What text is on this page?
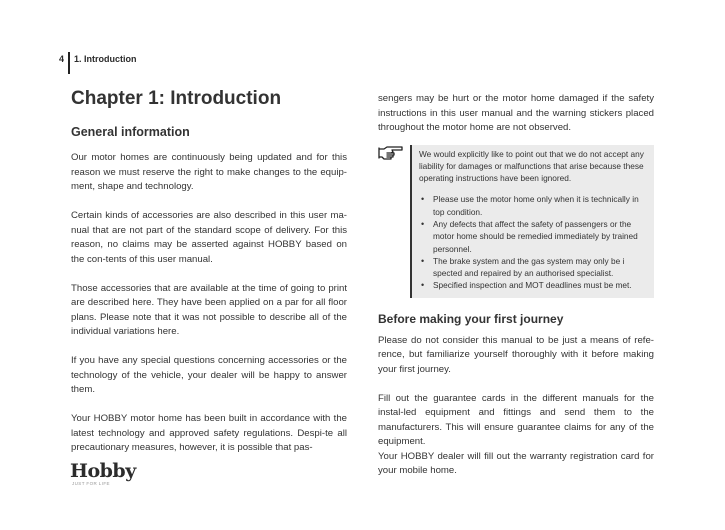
4 1. Introduction
Chapter 1: Introduction
General information

Our motor homes are continuously being updated and for this reason we must reserve the right to make changes to the equip-ment, shape and technology.

Certain kinds of accessories are also described in this user ma-nual that are not part of the standard scope of delivery. For this reason, no claims may be asserted against HOBBY based on the con-tents of this user manual.

Those accessories that are available at the time of going to print are described here. They have been applied on a par for all floor plans. Please note that it was not possible to describe all of the individual variations here.

If you have any special questions concerning accessories or the technology of the vehicle, your dealer will be happy to answer them.

Your HOBBY motor home has been built in accordance with the latest technology and approved safety regulations. Despi-te all precautionary measures, however, it is possible that pas-

sengers may be hurt or the motor home damaged if the safety instructions in this user manual and the warning stickers placed throughout the motor home are not observed.

We would explicitly like to point out that we do not accept any liability for damages or malfunctions that arise because these operating instructions have been ignored.

• Please use the motor home only when it is technically in top condition.
• Any defects that affect the safety of passengers or the motor home should be remedied immediately by trained personnel.
• The brake system and the gas system may only be i spected and repaired by an authorised specialist.
• Specified inspection and MOT deadlines must be met.
Before making your first journey

Please do not consider this manual to be just a means of refe-rence, but familiarize yourself thoroughly with it before making your first journey.

Fill out the guarantee cards in the different manuals for the instal-led equipment and fittings and send them to the manufacturers. This will ensure guarantee claims for any of the equipment.

Your HOBBY dealer will fill out the warranty registration card for your mobile home.

Hobby
JUST FOR LIFE
